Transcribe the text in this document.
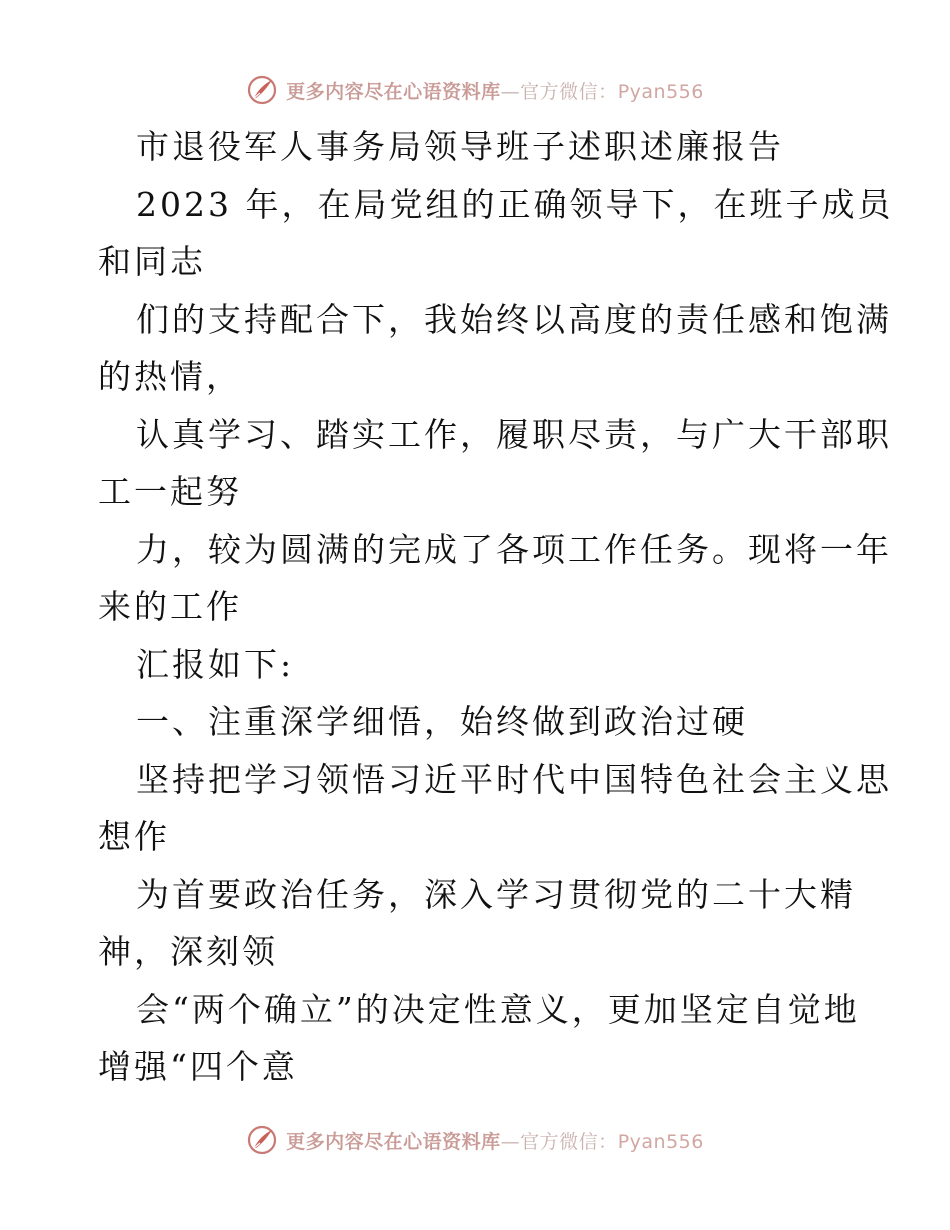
更多内容尽在心语资料库—官方微信：Pyan556
市退役军人事务局领导班子述职述廉报告
2023 年，在局党组的正确领导下，在班子成员
和同志
们的支持配合下，我始终以高度的责任感和饱满
的热情，
认真学习、踏实工作，履职尽责，与广大干部职
工一起努
力，较为圆满的完成了各项工作任务。现将一年
来的工作
汇报如下:
一、注重深学细悟，始终做到政治过硬
坚持把学习领悟习近平时代中国特色社会主义思
想作
为首要政治任务，深入学习贯彻党的二十大精
神，深刻领
会“两个确立”的决定性意义，更加坚定自觉地
增强“四个意
更多内容尽在心语资料库—官方微信：Pyan556
